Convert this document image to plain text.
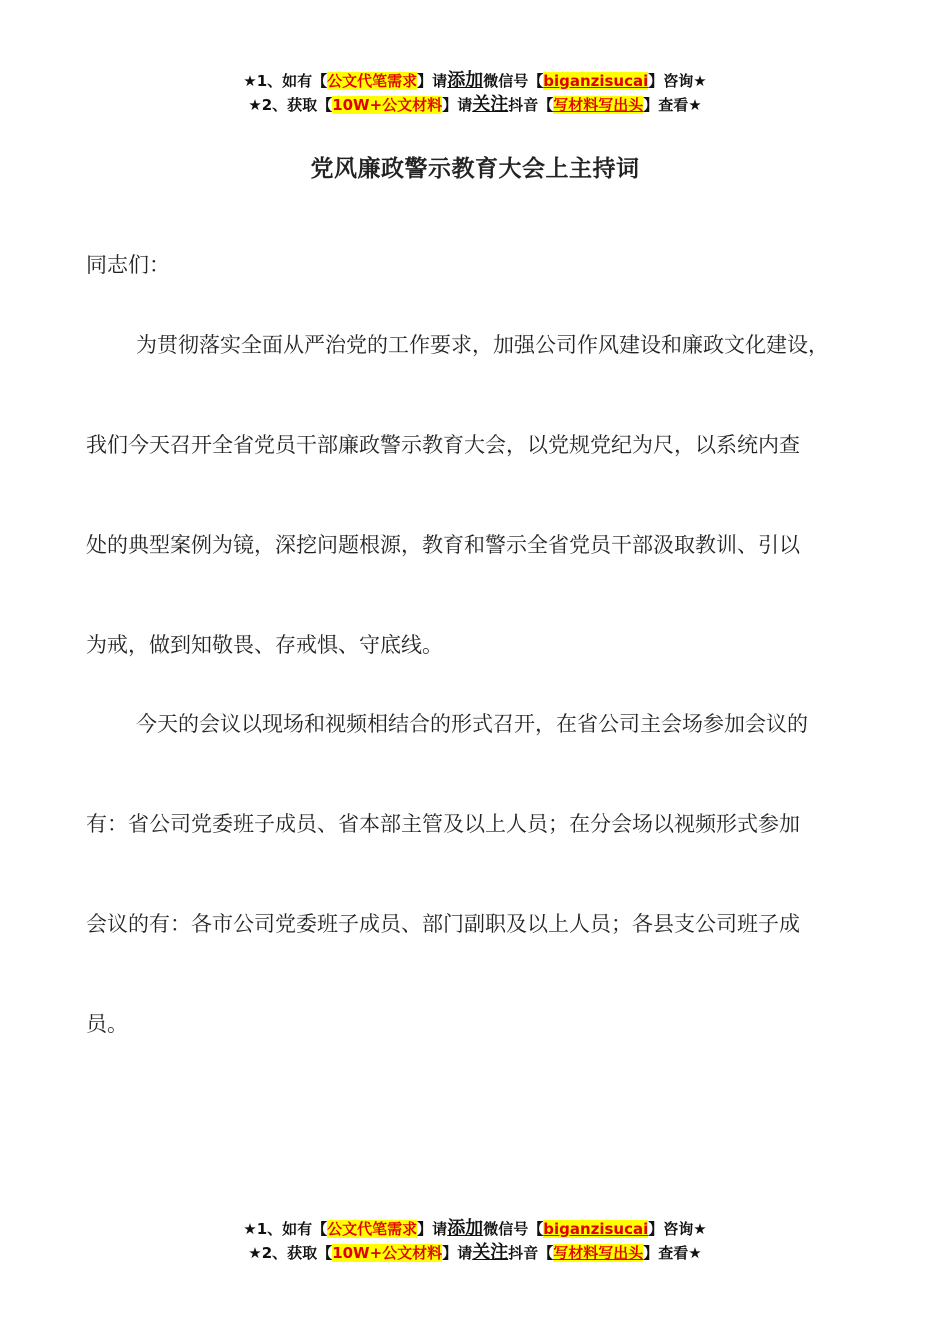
★1、如有【公文代笔需求】请添加微信号【biganzisucai】咨询★
★2、获取【10W+公文材料】请关注抖音【写材料写出头】查看★
党风廉政警示教育大会上主持词
同志们：
为贯彻落实全面从严治党的工作要求，加强公司作风建设和廉政文化建设，
我们今天召开全省党员干部廉政警示教育大会，以党规党纪为尺，以系统内查
处的典型案例为镜，深挖问题根源，教育和警示全省党员干部汲取教训、引以
为戒，做到知敬畏、存戒惧、守底线。
今天的会议以现场和视频相结合的形式召开，在省公司主会场参加会议的
有：省公司党委班子成员、省本部主管及以上人员；在分会场以视频形式参加
会议的有：各市公司党委班子成员、部门副职及以上人员；各县支公司班子成
员。
★1、如有【公文代笔需求】请添加微信号【biganzisucai】咨询★
★2、获取【10W+公文材料】请关注抖音【写材料写出头】查看★
